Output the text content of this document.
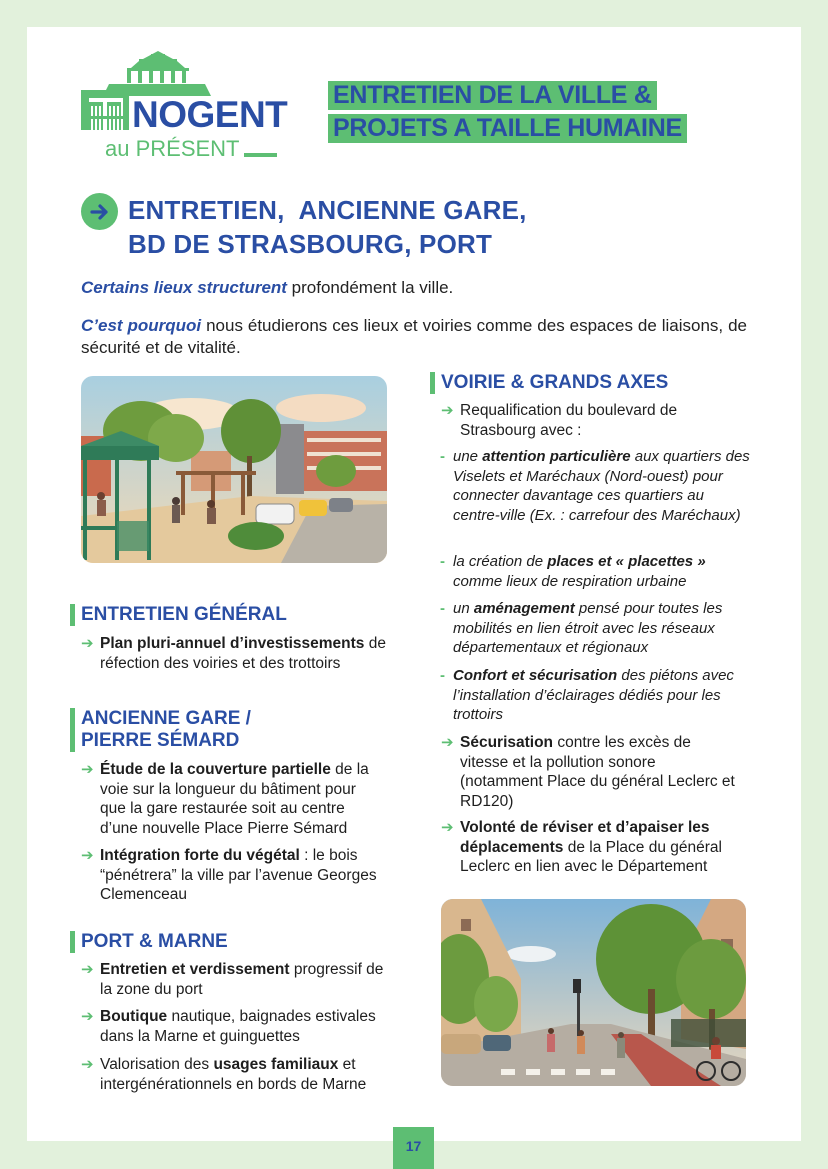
NOGENT
au PRÉSENT
ENTRETIEN DE LA VILLE &
PROJETS A TAILLE HUMAINE
ENTRETIEN,  ANCIENNE GARE,
BD DE STRASBOURG, PORT

Certains lieux structurent profondément la ville.

C’est pourquoi nous étudierons ces lieux et voiries comme des espaces de liaisons, de sécurité et de vitalité.

ENTRETIEN GÉNÉRAL
➔ Plan pluri-annuel d’investissements de réfection des voiries et des trottoirs
ANCIENNE GARE /
PIERRE SÉMARD
➔ Étude de la couverture partielle de la voie sur la longueur du bâtiment pour que la gare restaurée soit au centre d’une nouvelle Place Pierre Sémard
➔ Intégration forte du végétal : le bois “pénétrera” la ville par l’avenue Georges Clemenceau
PORT & MARNE
➔ Entretien et verdissement progressif de la zone du port
➔ Boutique nautique, baignades estivales dans la Marne et guinguettes
➔ Valorisation des usages familiaux et intergénérationnels en bords de Marne
VOIRIE & GRANDS AXES
➔ Requalification du boulevard de Strasbourg avec :
- une attention particulière aux quartiers des Viselets et Maréchaux (Nord-ouest) pour connecter davantage ces quartiers au centre-ville (Ex. : carrefour des Maréchaux)
- la création de places et « placettes » comme lieux de respiration urbaine
- un aménagement pensé pour toutes les mobilités en lien étroit avec les réseaux départementaux et régionaux
- Confort et sécurisation des piétons avec l’installation d’éclairages dédiés pour les trottoirs
➔ Sécurisation contre les excès de vitesse et la pollution sonore (notamment Place du général Leclerc et RD120)
➔ Volonté de réviser et d’apaiser les déplacements de la Place du général Leclerc en lien avec le Département
17
